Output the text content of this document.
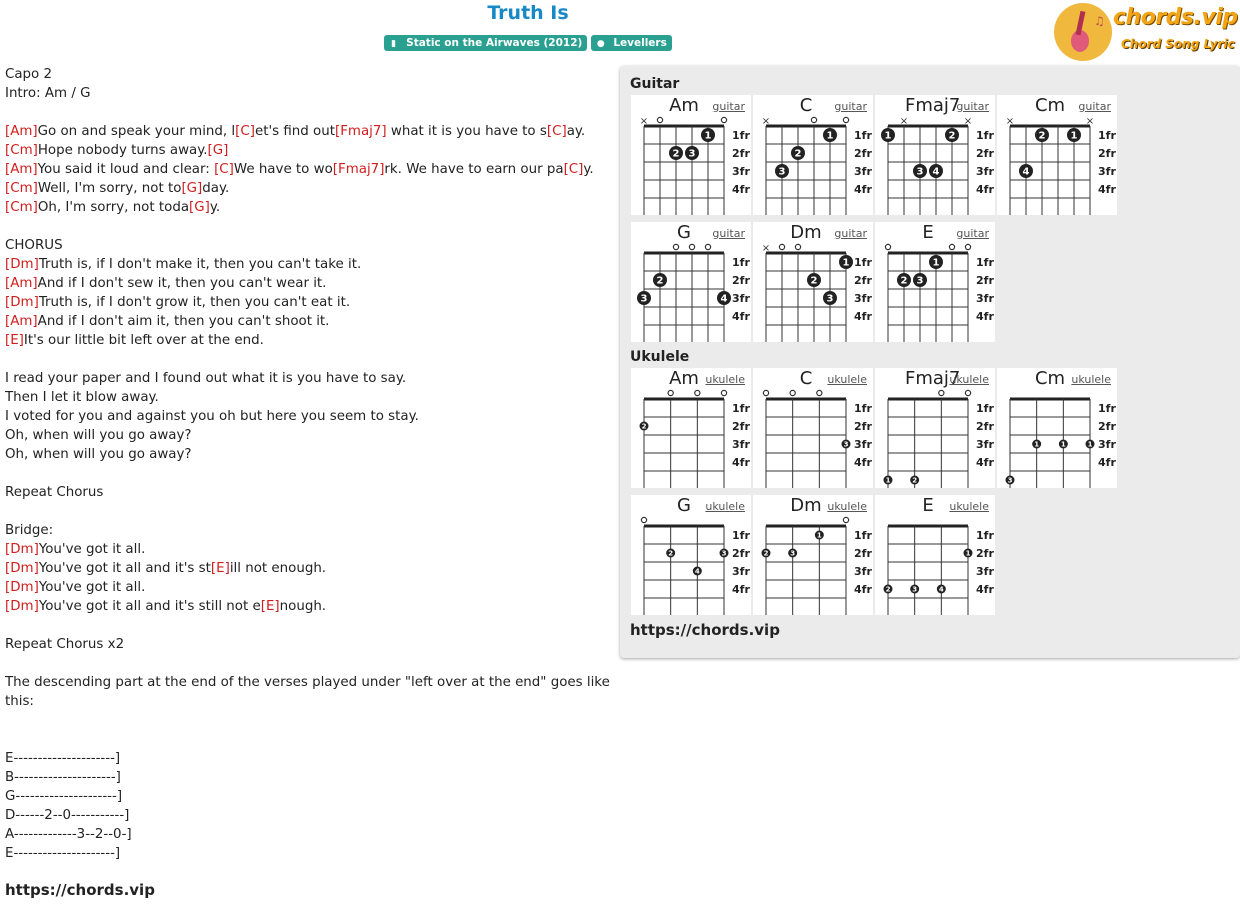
Truth Is
▮ Static on the Airwaves (2012) ● Levellers
♫ chords.vip
Chord Song Lyric
Capo 2
Intro: Am / G
[Am]Go on and speak your mind, l[C]et's find out[Fmaj7] what it is you have to s[C]ay.
[Cm]Hope nobody turns away.[G]
[Am]You said it loud and clear: [C]We have to wo[Fmaj7]rk. We have to earn our pa[C]y.
[Cm]Well, I'm sorry, not to[G]day.
[Cm]Oh, I'm sorry, not toda[G]y.
CHORUS
[Dm]Truth is, if I don't make it, then you can't take it.
[Am]And if I don't sew it, then you can't wear it.
[Dm]Truth is, if I don't grow it, then you can't eat it.
[Am]And if I don't aim it, then you can't shoot it.
[E]It's our little bit left over at the end.
I read your paper and I found out what it is you have to say.
Then I let it blow away.
I voted for you and against you oh but here you seem to stay.
Oh, when will you go away?
Oh, when will you go away?
Repeat Chorus
Bridge:
[Dm]You've got it all.
[Dm]You've got it all and it's st[E]ill not enough.
[Dm]You've got it all.
[Dm]You've got it all and it's still not e[E]nough.
Repeat Chorus x2
The descending part at the end of the verses played under "left over at the end" goes like this:
E---------------------]
B---------------------]
G---------------------]
D------2--0-----------]
A-------------3--2--0-]
E---------------------]
https://chords.vip
Guitar
Ukulele
Am	guitar
1fr
2fr
3fr
4fr
×
1
2 3
C	guitar
1fr
2fr
3fr
4fr
×
1
2
3
Fmaj7
guitar
1fr
2fr
3fr
4fr
×	×
1	2
3 4
Cm	guitar
1fr
2fr
3fr
4fr
×	×
2	1
4
G	guitar
1fr
2fr
3fr
4fr
2
3	4
Dm	guitar
1fr
2fr
3fr
4fr
×
1
2
3
E	guitar
1fr
2fr
3fr
4fr
1
2 3
Am ukulele
1fr
2fr
3fr
4fr
2
C	ukulele
1fr
2fr
3fr
4fr
3
Fmaj7
ukulele
1fr
2fr
3fr
4fr
1	2
Cm ukulele
1fr
2fr
3fr
4fr
1	1	1
3
G	ukulele
1fr
2fr
3fr
4fr
2	3
4
Dm ukulele
1fr
2fr
3fr
4fr
1
2	3
E	ukulele
1fr
2fr
3fr
4fr
1
2	3	4
https://chords.vip
